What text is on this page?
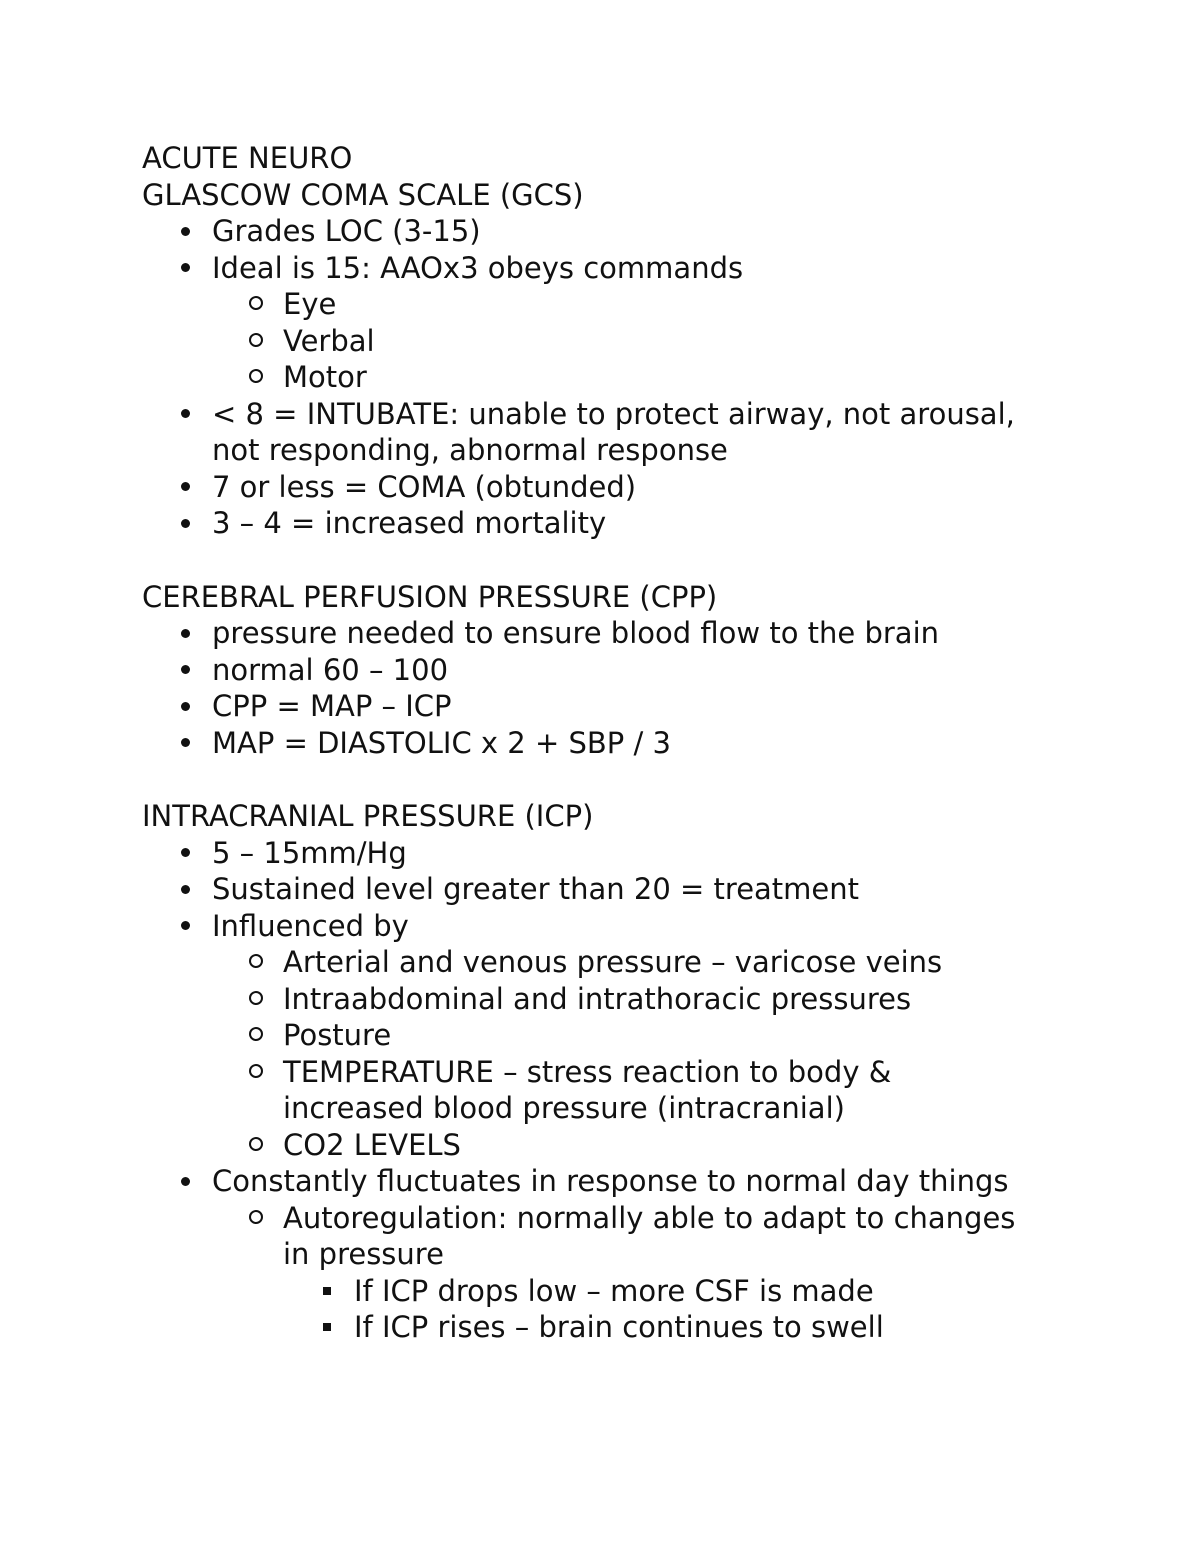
ACUTE NEURO

GLASCOW COMA SCALE (GCS)

Grades LOC (3-15)
Ideal is 15: AAOx3 obeys commands
Eye
Verbal
Motor
< 8 = INTUBATE: unable to protect airway, not arousal, not responding, abnormal response
7 or less = COMA (obtunded)
3 – 4 = increased mortality

CEREBRAL PERFUSION PRESSURE (CPP)

pressure needed to ensure blood flow to the brain
normal 60 – 100
CPP = MAP – ICP
MAP = DIASTOLIC x 2 + SBP / 3

INTRACRANIAL PRESSURE (ICP)

5 – 15mm/Hg
Sustained level greater than 20 = treatment
Influenced by
Arterial and venous pressure – varicose veins
Intraabdominal and intrathoracic pressures
Posture
TEMPERATURE – stress reaction to body & increased blood pressure (intracranial)
CO2 LEVELS
Constantly fluctuates in response to normal day things
Autoregulation: normally able to adapt to changes in pressure
If ICP drops low – more CSF is made
If ICP rises – brain continues to swell
